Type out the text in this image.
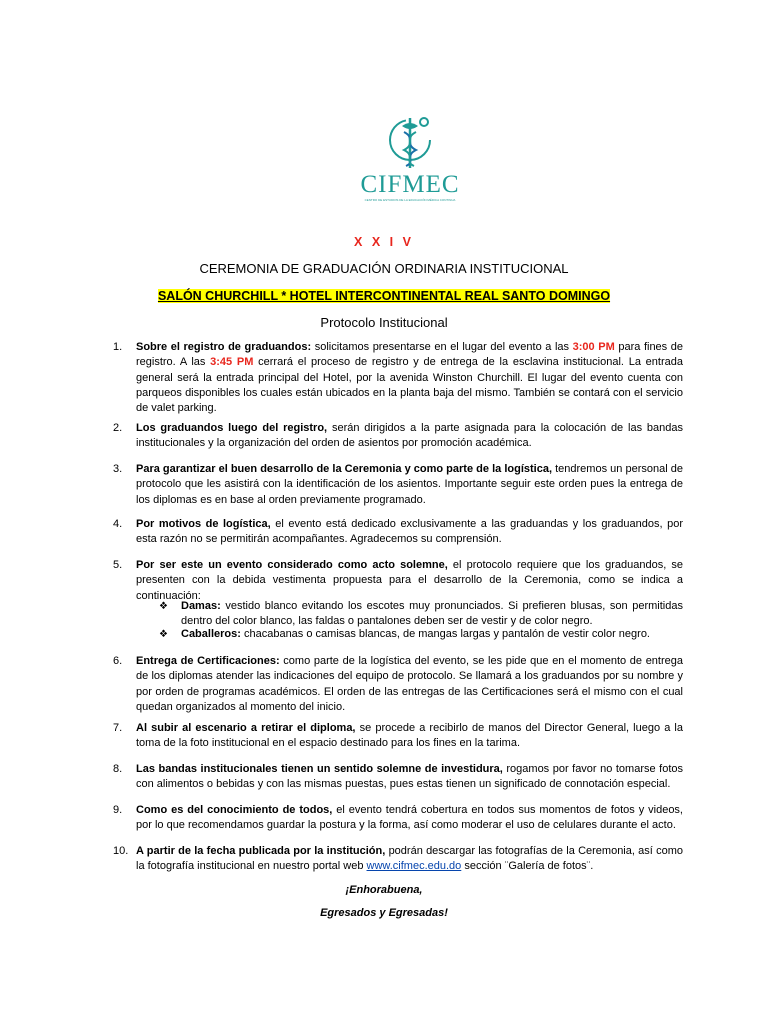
CIFMEC
CENTRO DE ESTUDIOS DE LA EDUCACIÓN MÉDICA CONTINUA
X X I V
CEREMONIA DE GRADUACIÓN ORDINARIA INSTITUCIONAL
SALÓN CHURCHILL * HOTEL INTERCONTINENTAL REAL SANTO DOMINGO
Protocolo Institucional
1.	Sobre el registro de graduandos: solicitamos presentarse en el lugar del evento a las 3:00 PM para fines de registro. A las 3:45 PM cerrará el proceso de registro y de entrega de la esclavina institucional. La entrada general será la entrada principal del Hotel, por la avenida Winston Churchill. El lugar del evento cuenta con parqueos disponibles los cuales están ubicados en la planta baja del mismo. También se contará con el servicio de valet parking.
2.	Los graduandos luego del registro, serán dirigidos a la parte asignada para la colocación de las bandas institucionales y la organización del orden de asientos por promoción académica.
3.	Para garantizar el buen desarrollo de la Ceremonia y como parte de la logística, tendremos un personal de protocolo que les asistirá con la identificación de los asientos. Importante seguir este orden pues la entrega de los diplomas es en base al orden previamente programado.
4.	Por motivos de logística, el evento está dedicado exclusivamente a las graduandas y los graduandos, por esta razón no se permitirán acompañantes. Agradecemos su comprensión.
5.	Por ser este un evento considerado como acto solemne, el protocolo requiere que los graduandos, se presenten con la debida vestimenta propuesta para el desarrollo de la Ceremonia, como se indica a continuación:
❖ Damas: vestido blanco evitando los escotes muy pronunciados. Si prefieren blusas, son permitidas dentro del color blanco, las faldas o pantalones deben ser de vestir y de color negro.
❖ Caballeros: chacabanas o camisas blancas, de mangas largas y pantalón de vestir color negro.
6.	Entrega de Certificaciones: como parte de la logística del evento, se les pide que en el momento de entrega de los diplomas atender las indicaciones del equipo de protocolo. Se llamará a los graduandos por su nombre y por orden de programas académicos. El orden de las entregas de las Certificaciones será el mismo con el cual quedan organizados al momento del inicio.
7.	Al subir al escenario a retirar el diploma, se procede a recibirlo de manos del Director General, luego a la toma de la foto institucional en el espacio destinado para los fines en la tarima.
8.	Las bandas institucionales tienen un sentido solemne de investidura, rogamos por favor no tomarse fotos con alimentos o bebidas y con las mismas puestas, pues estas tienen un significado de connotación especial.
9.	Como es del conocimiento de todos, el evento tendrá cobertura en todos sus momentos de fotos y videos, por lo que recomendamos guardar la postura y la forma, así como moderar el uso de celulares durante el acto.
10. A partir de la fecha publicada por la institución, podrán descargar las fotografías de la Ceremonia, así como la fotografía institucional en nuestro portal web www.cifmec.edu.do sección ¨Galería de fotos¨.
¡Enhorabuena,
Egresados y Egresadas!
